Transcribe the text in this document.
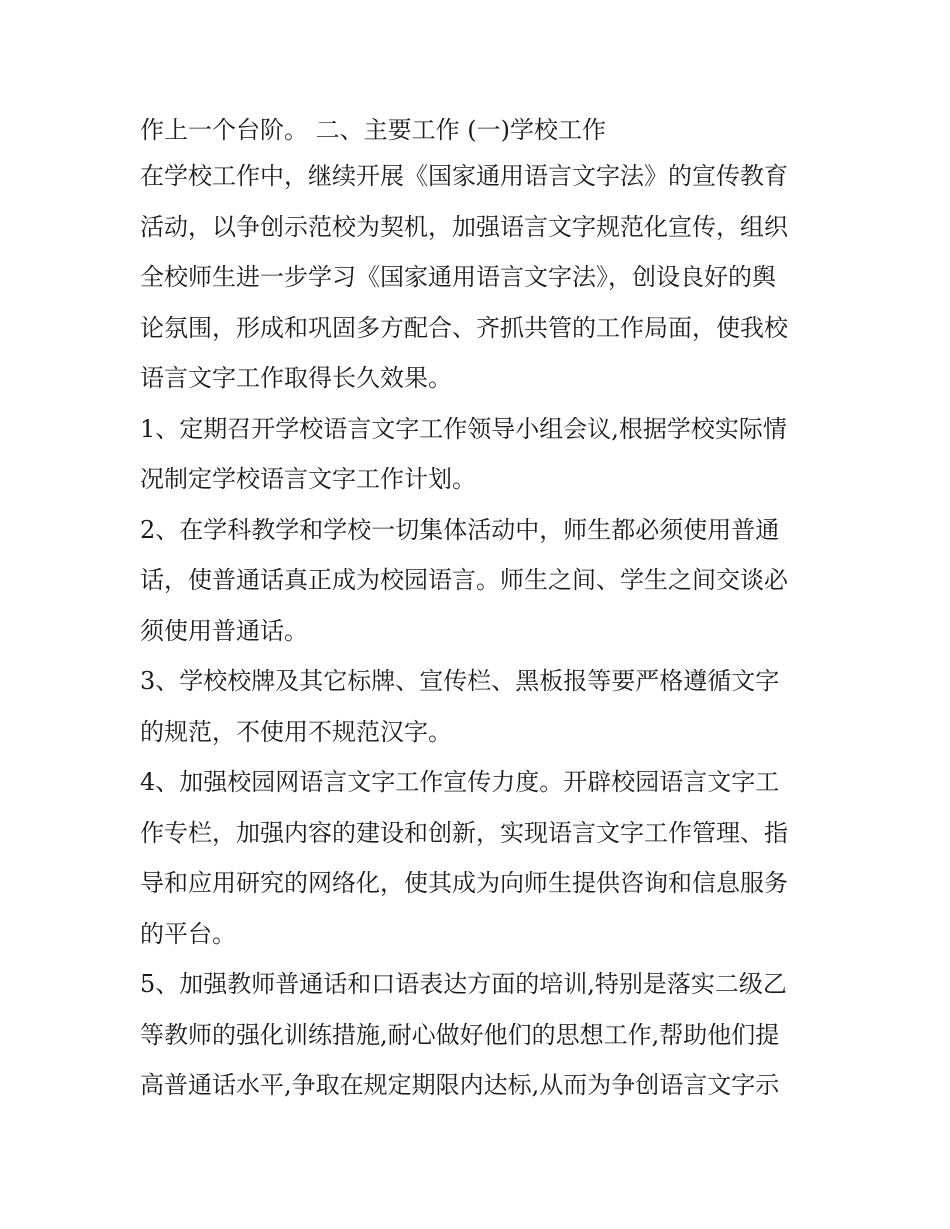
作上一个台阶。 二、主要工作 (一)学校工作
在学校工作中，继续开展《国家通用语言文字法》的宣传教育
活动，以争创示范校为契机，加强语言文字规范化宣传，组织
全校师生进一步学习《国家通用语言文字法》，创设良好的舆
论氛围，形成和巩固多方配合、齐抓共管的工作局面，使我校
语言文字工作取得长久效果。
1、定期召开学校语言文字工作领导小组会议,根据学校实际情
况制定学校语言文字工作计划。
2、在学科教学和学校一切集体活动中，师生都必须使用普通
话，使普通话真正成为校园语言。师生之间、学生之间交谈必
须使用普通话。
3、学校校牌及其它标牌、宣传栏、黑板报等要严格遵循文字
的规范，不使用不规范汉字。
4、加强校园网语言文字工作宣传力度。开辟校园语言文字工
作专栏，加强内容的建设和创新，实现语言文字工作管理、指
导和应用研究的网络化，使其成为向师生提供咨询和信息服务
的平台。
5、加强教师普通话和口语表达方面的培训,特别是落实二级乙
等教师的强化训练措施,耐心做好他们的思想工作,帮助他们提
高普通话水平,争取在规定期限内达标,从而为争创语言文字示
